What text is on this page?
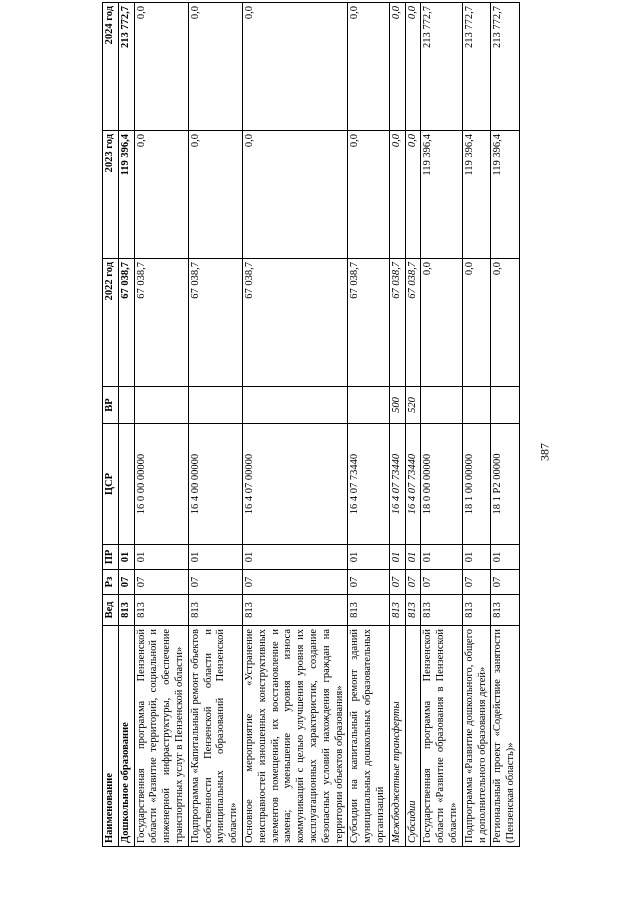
387
Наименование	Вед	Рз	ПР	ЦСР	ВР	2022 год	2023 год	2024 год
Дошкольное образование	813	07	01			67 038,7	119 396,4	213 772,7
Государственная программа Пензенской области «Развитие территорий, социальной и инженерной инфраструктуры, обеспечение транспортных услуг в Пензенской области»	813	07	01	16 0 00 00000		67 038,7	0,0	0,0
Подпрограмма «Капитальный ремонт объектов собственности Пензенской области и муниципальных образований Пензенской области»	813	07	01	16 4 00 00000		67 038,7	0,0	0,0
Основное мероприятие «Устранение неисправностей изношенных конструктивных элементов помещений, их восстановление и замена; уменьшение уровня износа коммуникаций с целью улучшения уровня их эксплуатационных характеристик, создание безопасных условий нахождения граждан на территории объектов образования»	813	07	01	16 4 07 00000		67 038,7	0,0	0,0
Субсидии на капитальный ремонт зданий муниципальных дошкольных образовательных организаций	813	07	01	16 4 07 73440		67 038,7	0,0	0,0
Межбюджетные трансферты	813	07	01	16 4 07 73440	500	67 038,7	0,0	0,0
Субсидии	813	07	01	16 4 07 73440	520	67 038,7	0,0	0,0
Государственная программа Пензенской области «Развитие образования в Пензенской области»	813	07	01	18 0 00 00000		0,0	119 396,4	213 772,7
Подпрограмма «Развитие дошкольного, общего и дополнительного образования детей»	813	07	01	18 1 00 00000		0,0	119 396,4	213 772,7
Региональный проект «Содействие занятости (Пензенская область)»	813	07	01	18 1 P2 00000		0,0	119 396,4	213 772,7
